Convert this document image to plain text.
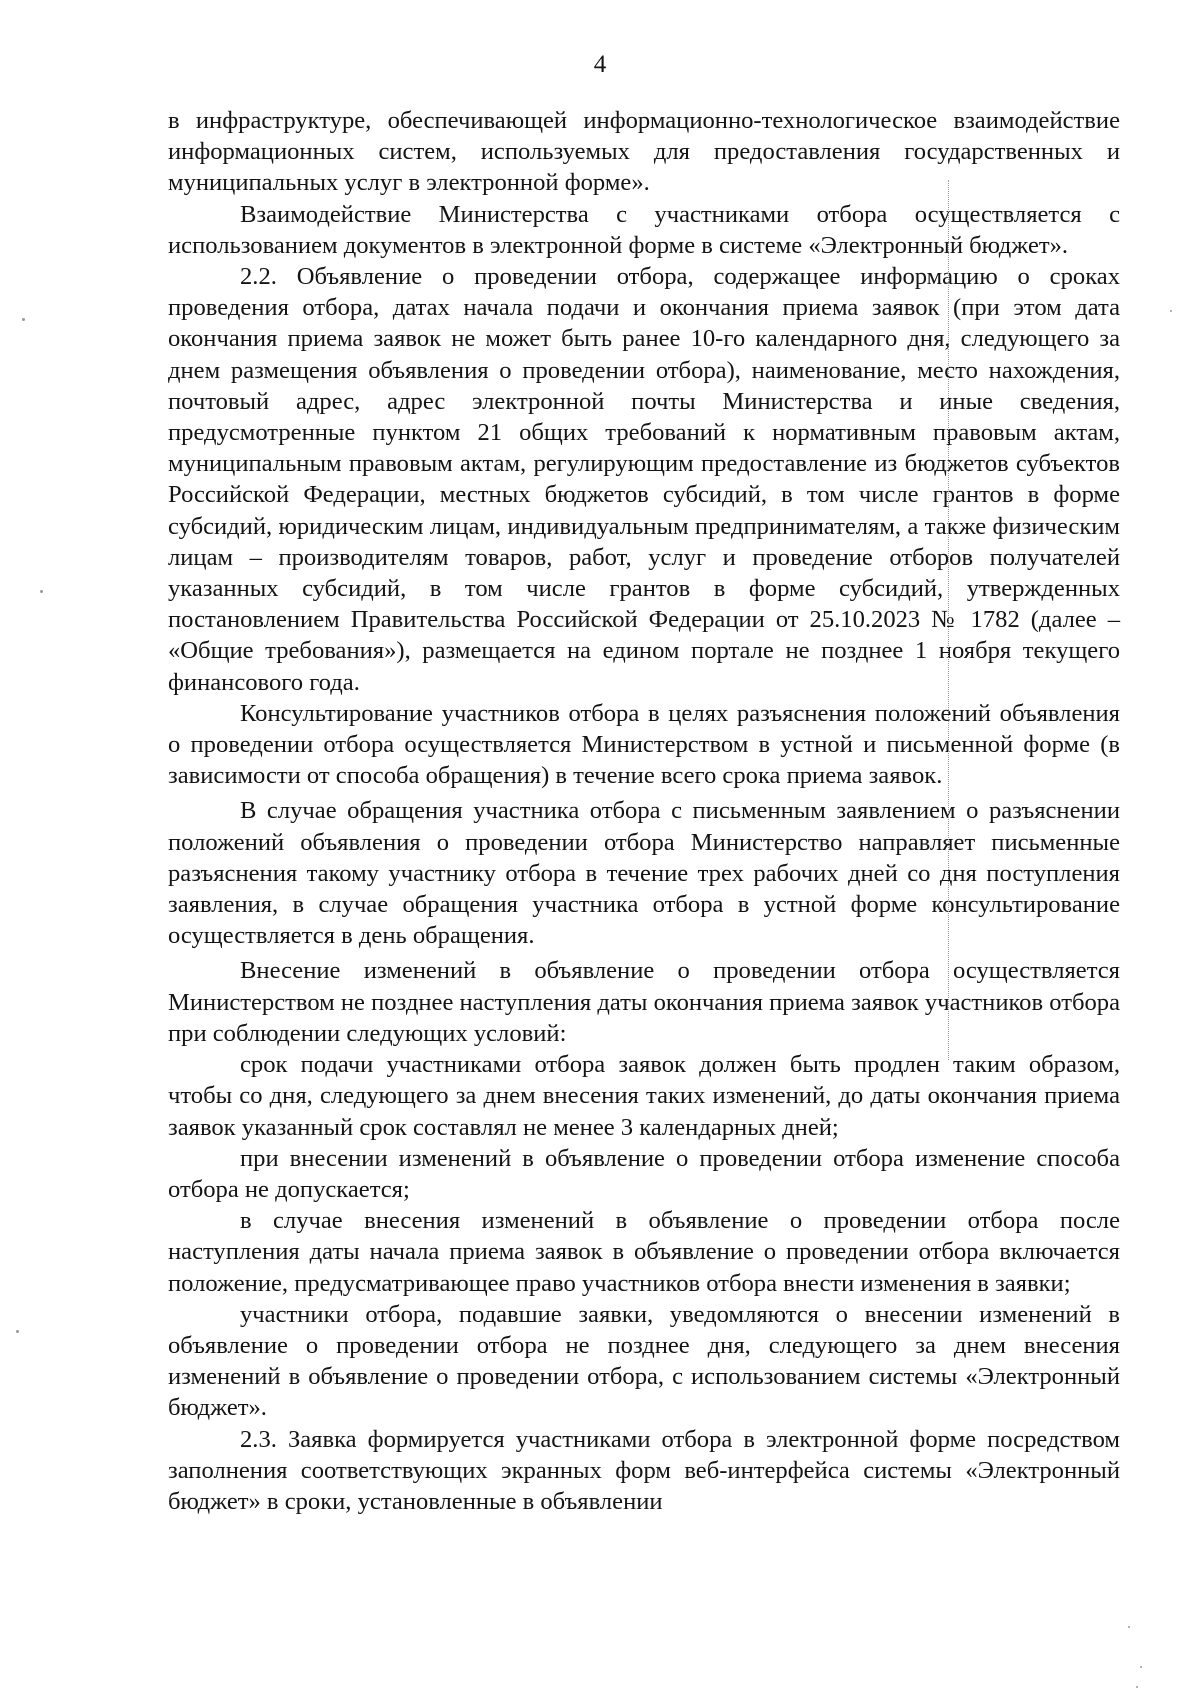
4

в инфраструктуре, обеспечивающей информационно-технологическое взаимодействие информационных систем, используемых для предоставления государственных и муниципальных услуг в электронной форме».

Взаимодействие Министерства с участниками отбора осуществляется с использованием документов в электронной форме в системе «Электронный бюджет».

2.2. Объявление о проведении отбора, содержащее информацию о сроках проведения отбора, датах начала подачи и окончания приема заявок (при этом дата окончания приема заявок не может быть ранее 10-го календарного дня, следующего за днем размещения объявления о проведении отбора), наименование, место нахождения, почтовый адрес, адрес электронной почты Министерства и иные сведения, предусмотренные пунктом 21 общих требований к нормативным правовым актам, муниципальным правовым актам, регулирующим предоставление из бюджетов субъектов Российской Федерации, местных бюджетов субсидий, в том числе грантов в форме субсидий, юридическим лицам, индивидуальным предпринимателям, а также физическим лицам – производителям товаров, работ, услуг и проведение отборов получателей указанных субсидий, в том числе грантов в форме субсидий, утвержденных постановлением Правительства Российской Федерации от 25.10.2023 № 1782 (далее – «Общие требования»), размещается на едином портале не позднее 1 ноября текущего финансового года.

Консультирование участников отбора в целях разъяснения положений объявления о проведении отбора осуществляется Министерством в устной и письменной форме (в зависимости от способа обращения) в течение всего срока приема заявок.

В случае обращения участника отбора с письменным заявлением о разъяснении положений объявления о проведении отбора Министерство направляет письменные разъяснения такому участнику отбора в течение трех рабочих дней со дня поступления заявления, в случае обращения участника отбора в устной форме консультирование осуществляется в день обращения.

Внесение изменений в объявление о проведении отбора осуществляется Министерством не позднее наступления даты окончания приема заявок участников отбора при соблюдении следующих условий:

срок подачи участниками отбора заявок должен быть продлен таким образом, чтобы со дня, следующего за днем внесения таких изменений, до даты окончания приема заявок указанный срок составлял не менее 3 календарных дней;

при внесении изменений в объявление о проведении отбора изменение способа отбора не допускается;

в случае внесения изменений в объявление о проведении отбора после наступления даты начала приема заявок в объявление о проведении отбора включается положение, предусматривающее право участников отбора внести изменения в заявки;

участники отбора, подавшие заявки, уведомляются о внесении изменений в объявление о проведении отбора не позднее дня, следующего за днем внесения изменений в объявление о проведении отбора, с использованием системы «Электронный бюджет».

2.3. Заявка формируется участниками отбора в электронной форме посредством заполнения соответствующих экранных форм веб-интерфейса системы «Электронный бюджет» в сроки, установленные в объявлении
